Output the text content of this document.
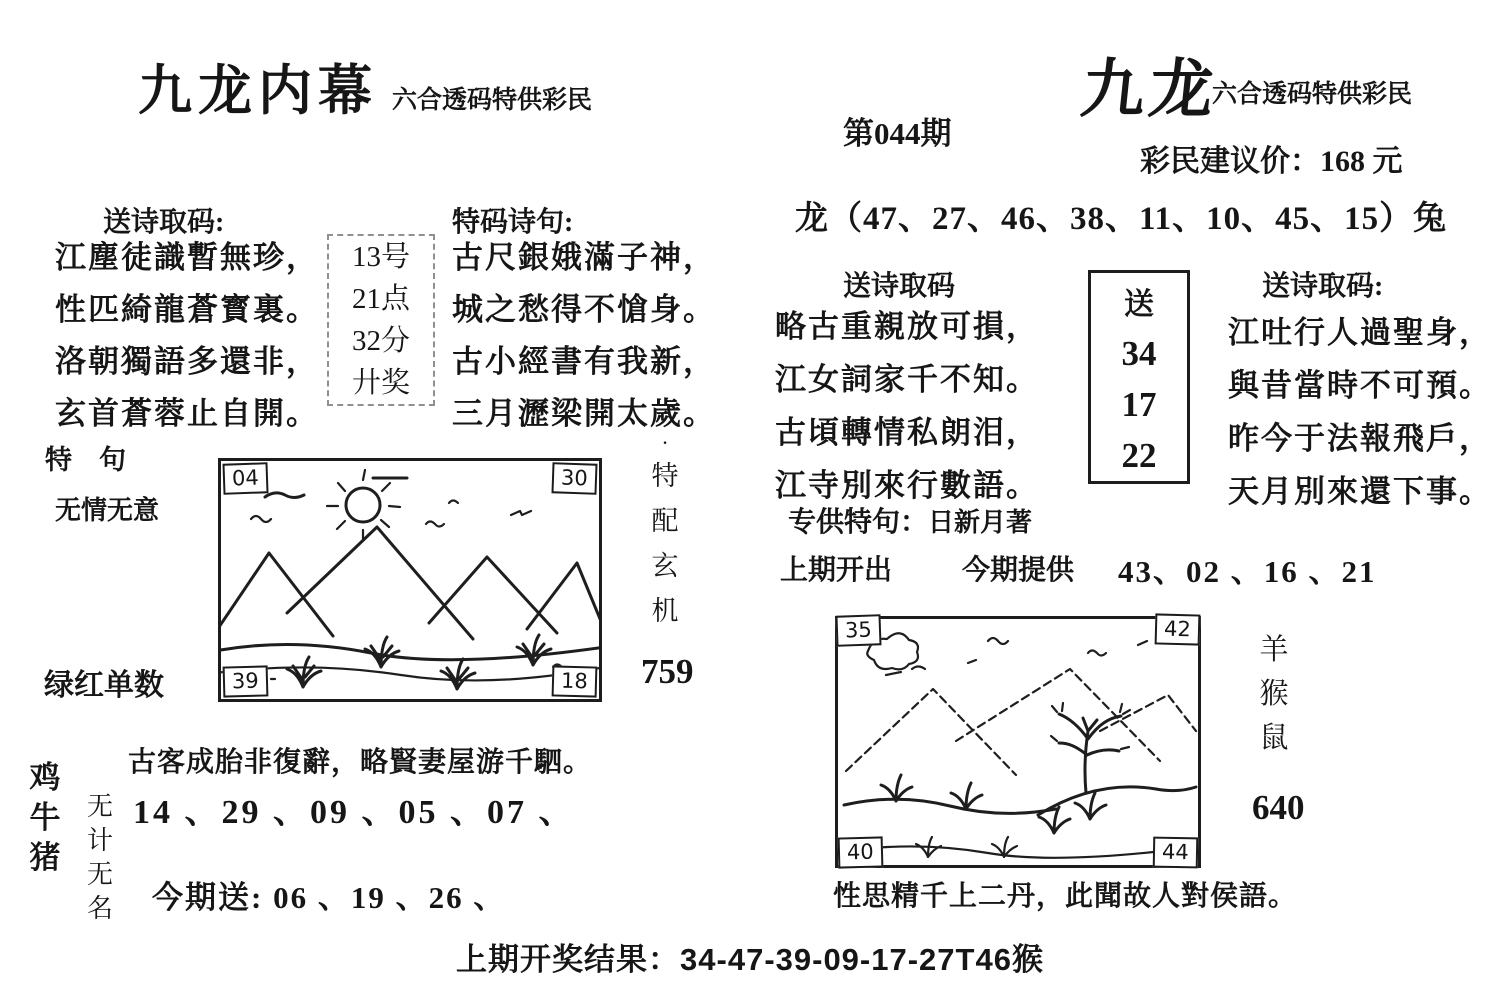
九龙内幕 六合透码特供彩民
第044期
九龙
六合透码特供彩民
彩民建议价：168 元
龙（47、27、46、38、11、10、45、15）兔
送诗取码:
江塵徒識暫無珍，
性匹綺龍蒼寳裏。
洛朝獨語多還非，
玄首蒼蓉止自開。
13号
21点
32分
廾奖
特码诗句:
古尺銀娥滿子神，
城之愁得不愴身。
古小經書有我新，
三月瀝梁開太歲。
特　句
无情无意
绿红单数
04	30
39	18
·
特
配
玄
机
759
送诗取码
略古重親放可損，
江女詞家千不知。
古頃轉情私朗泪，
江寺別來行數語。
送
34
17
22
送诗取码:
江吐行人過聖身，
與昔當時不可預。
昨今于法報飛戶，
天月別來還下事。
专供特句：日新月著
上期开出 今期提供 43、02 、16 、21
35	42
40	44
羊
猴
鼠
640
性思精千上二丹，此聞故人對侯語。
鸡
牛
猪
无
计
无
名
古客成胎非復辭，略賢妻屋游千駟。
14 、29 、09 、05 、07 、
今期送: 06 、19 、26 、
上期开奖结果：34-47-39-09-17-27T46猴
